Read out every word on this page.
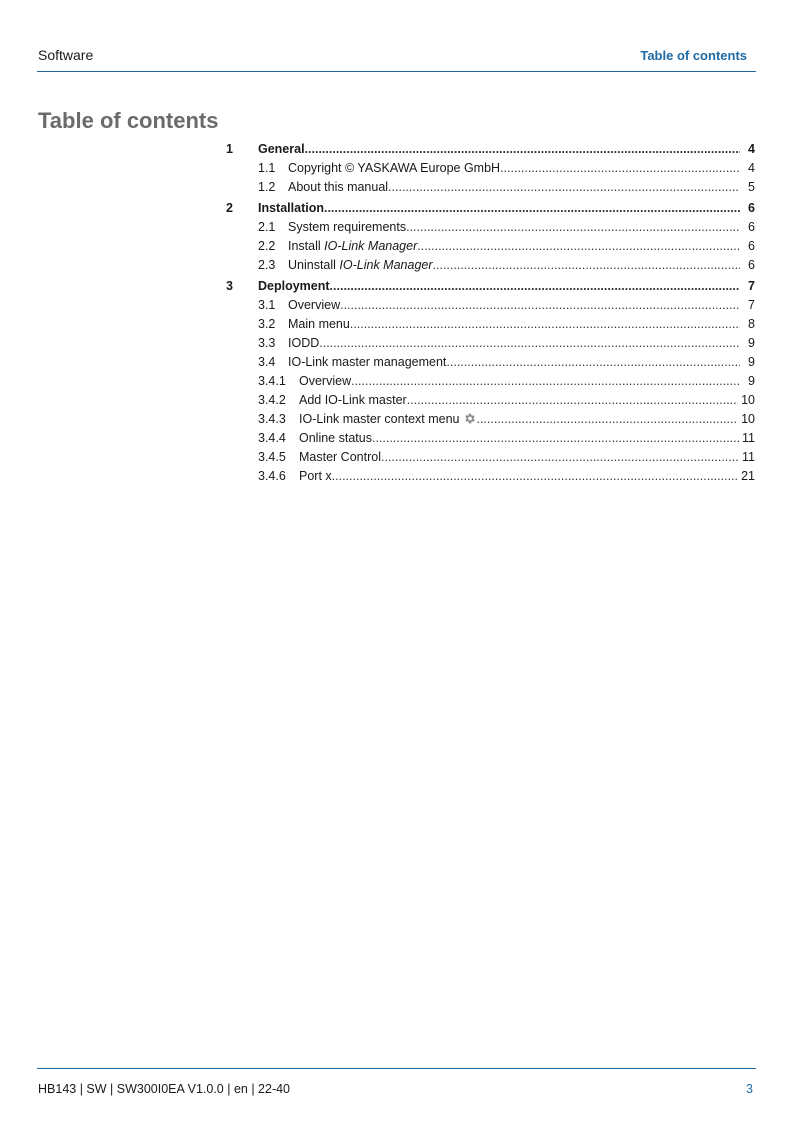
Software	Table of contents
Table of contents
1	General .....	4
1.1	Copyright © YASKAWA Europe GmbH .....	4
1.2	About this manual .....	5
2	Installation .....	6
2.1	System requirements .....	6
2.2	Install IO-Link Manager .....	6
2.3	Uninstall IO-Link Manager .....	6
3	Deployment .....	7
3.1	Overview .....	7
3.2	Main menu .....	8
3.3	IODD .....	9
3.4	IO-Link master management .....	9
3.4.1	Overview .....	9
3.4.2	Add IO-Link master .....	10
3.4.3	IO-Link master context menu .....	10
3.4.4	Online status .....	11
3.4.5	Master Control .....	11
3.4.6	Port x .....	21
HB143 | SW | SW300I0EA V1.0.0 | en | 22-40	3
